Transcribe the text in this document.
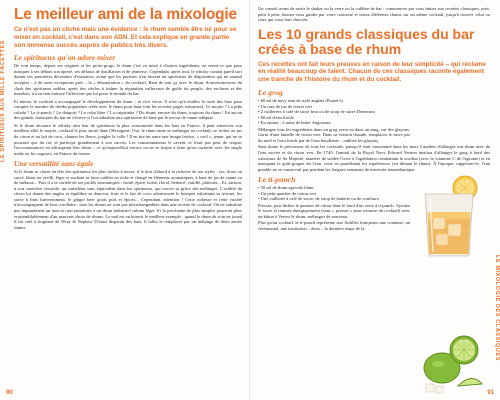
LE SPIRITUEUX AUX MILLE FACETTES
Le meilleur ami de la mixologie

Ce n'est pas un cliché mais une évidence : le rhum semble être né pour se mixer en cocktail, c'est dans son ADN. Et cela explique en grande partie son immense succès auprès de publics très divers.

Le spiritueux qu'on adore mixer

De tout temps, depuis ses origines et les proto-grogs, le rhum s'est vu mixé à d'autres ingrédients, ne serait-ce que pour masquer à ses débuts son âpreté, ses défauts de distillation et de jeunesse. Cependant, après tout, le whisky connut pareil sort durant ses premières décennies d'existence, avant que les puristes n'en fassent un spiritueux de dégustation qui ne saurait accepter – à de rares exceptions près – la « dénaturation » du cocktail. Rien de tout ça avec le rhum. Souvenons-nous du clash des spiritueux nobles, après des siècles à traîner la réputation sulfureuse de gnôle du peuple, des esclaves et des matelots, n'a en rien entravé l'affection que lui porte le monde du bar.

Et mieux, le cocktail a accompagné le développement du rhum – et vice versa. Il n'est qu'à étudier la carte des bars pour compter le nombre de drinks populaires créés avec le rhum pour base font les recettes pages suivantes). Le mojito ? La piña colada ? Le ti-punch ? Le daiquiri ? Le cuba libre ? La caipirinha ? Du rhum, encore du rhum, toujours du rhum ! En aucun des grands classiques du bar ne s'écrive si l'on substitue aux spiritueux de base par le nectar de canne adéquat.

Si le rhum devance le whisky alsa leur de spiritueux la plus consommée dans les bars en France, il peut remercier son meilleur allié le mojito, cocktail le plus siroté dans l'Hexagone. Oui, le rhum aime se mélanger au cocktail, se frotter au jus de citron et au lait de coco, chanter les fleurs, jongler la colle ! Il en tire un autre une image festive, « cool », jeune, qui ne se poursuit que du rot, et participe grandement à son succès. Les consommateurs le savent, et n'ont pas peur de risquer l'accoutumances en affriogeant leur rhum – ce qu'aujourd'hui encore on ne se risque à faire qu'en cachette avec les single malts ou les cognacs, en France du moins.

Une versatilité sans égale

Si le rhum se classe en tête des spiritueux les plus faciles à mixer, il le doit d'abord à la richesse de ses styles : sec, doux ou sucré, blanc ou vieilli, léger et suchant se faire oublier en riche et chargé en éléments aromatiques, à base de jus de canne ou de mélasse... Puis il a la variété de ses profils aromatiques : fruité, épicé, boisé, floral, herbacé, vanillé, pâtissier... Et, surtout, à son caractère versatile, un caméléon sans équivalent dans les spiritueux, qui trouve sa grâce des mélanges. L'acidité du citron lui donne des angles et équilibre sa douceur, frais et le lait de coco adoucissent le bouquet valorisant sa texture, les sucre à finis furtivemment, le ginger beer gouts puis et épices... Cependant, attention ! Cette richesse et cette variété n'accompagnent de leur corollaire : tous les rhums ne sont pas interchangeables dans une recette de cocktail. On ne substitue pas impunément un rum ni rum jamaïcain à un rhum industriel cubain léger. Et la prochaine de plus simples pourront plier vraisemblablement d'un mauvais choix de rhums. Le mal est en hourrit le meilleur exemple : quand le rhum de soin ne joued il fut créé à forgéané de Wray & Nephew D'ainsi disparait des bars, il fallut le remplacer par un mélange de deux autres rhums.

90
LE MIXOLOGIE DES CLASSIQUES
91

Un conseil avant de saisir le shaker ou la verre ou la cuillère de bar : commencez par vous initier aux recettes classiques, puis, petit à petit, laissez-vous guider par votre curiosité et testez différents rhums sur un même cocktail, jusqu'à trouver celui ou ceux qui vous font chavirer.

Les 10 grands classiques du bar créés à base de rhum

Ces recettes ont fait leurs preuves en raison de leur simplicité – qui réclame en réalité beaucoup de talent. Chacun de ces classiques raconte également une tranche de l'histoire du rhum et du cocktail.

Le grog

• 60 ml de navy rum de style anglais (Pusser's)

• Un trait de jus de citron vert

• 2 cuillerées à café de sucre brut ou de sirop de sucre Demerara

• 60 ml d'eau froide

• En option : 2 traits de bitter Angostura

Mélangez tous les ingrédients dans un grog verre ou dans un mug, sur des glaçons. Garni d'une lamelle de citron vert. Dans sa version chaude, remplacez le sucre par du miel et l'eau froide par de l'eau bouillante – oubliez les glaçons.

Sans doute le précurseur de tous les cocktails, puisqu'il était consommé dans les mers Caraïbes d'allonger son rhum avec de l'eau sucrée et du citron vert. En 1740, l'amiral de la Royal Navy Edward Vernon institua d'allonger le grog à bord des vaisseaux de Sa Majesté, manière de soldée l'ivrie à l'agrédation combattant le scorbut (avec la vitamine C de l'agrume) et en masquant le goût-grogue du l'eau, voué en paraffinant les expériences (en diluant le rhum). À l'époque, rappelons-le, l'eau potable ne se conservait pas pendant les longues semaines de traversée transatlantique.

Le ti-punch

• 50 ml de rhum agricole blanc

• Un petit quartier de citron vert

• Une cuillerée à café de sucre, de sirop de batterie ou de confiture

Pressez, puis lâchez le quartier de citron dans le fond d'un verre à ti-punch. Ajoutez le sucre et remuez énergiquement (sans « presser » pour extraire du cocktail) avec un bâton à Versez le rhum, mélangez de nouveau.

Plus qu'un cocktail, le ti-punch représente aux Antilles françaises une coutume, un cérémonial, une institution – deux – la dernière étape de la
